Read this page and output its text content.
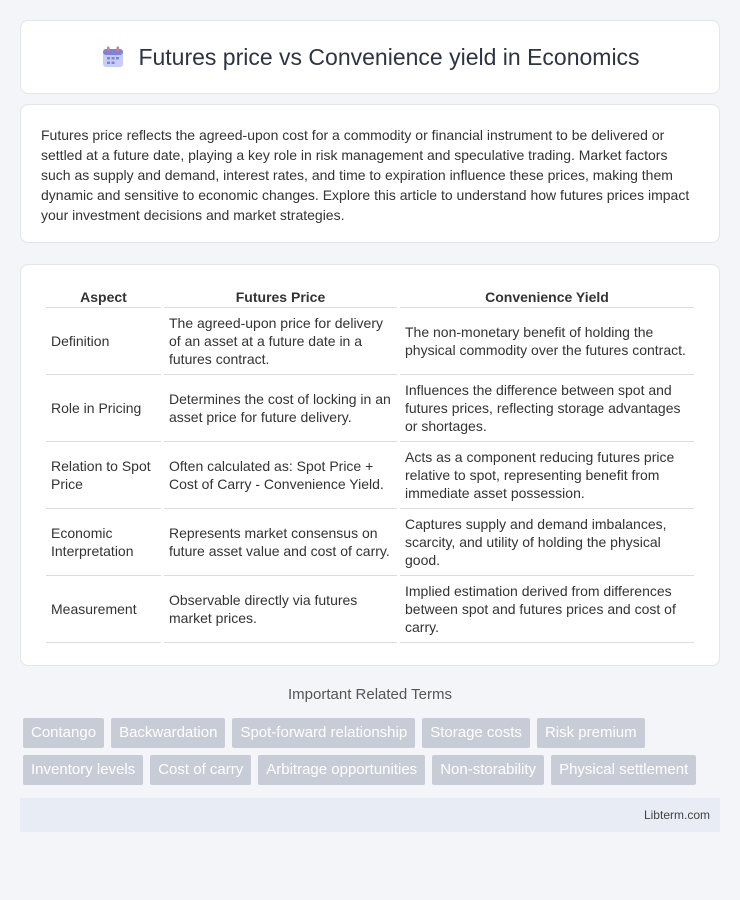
Futures price vs Convenience yield in Economics

Futures price reflects the agreed-upon cost for a commodity or financial instrument to be delivered or settled at a future date, playing a key role in risk management and speculative trading. Market factors such as supply and demand, interest rates, and time to expiration influence these prices, making them dynamic and sensitive to economic changes. Explore this article to understand how futures prices impact your investment decisions and market strategies.

Aspect	Futures Price	Convenience Yield
Definition	The agreed-upon price for delivery of an asset at a future date in a futures contract.	The non-monetary benefit of holding the physical commodity over the futures contract.
Role in Pricing	Determines the cost of locking in an asset price for future delivery.	Influences the difference between spot and futures prices, reflecting storage advantages or shortages.
Relation to Spot Price	Often calculated as: Spot Price + Cost of Carry - Convenience Yield.	Acts as a component reducing futures price relative to spot, representing benefit from immediate asset possession.
Economic Interpretation	Represents market consensus on future asset value and cost of carry.	Captures supply and demand imbalances, scarcity, and utility of holding the physical good.
Measurement	Observable directly via futures market prices.	Implied estimation derived from differences between spot and futures prices and cost of carry.
Important Related Terms
Contango	Backwardation	Spot-forward relationship	Storage costs	Risk premium
Inventory levels	Cost of carry	Arbitrage opportunities	Non-storability	Physical settlement
Libterm.com
